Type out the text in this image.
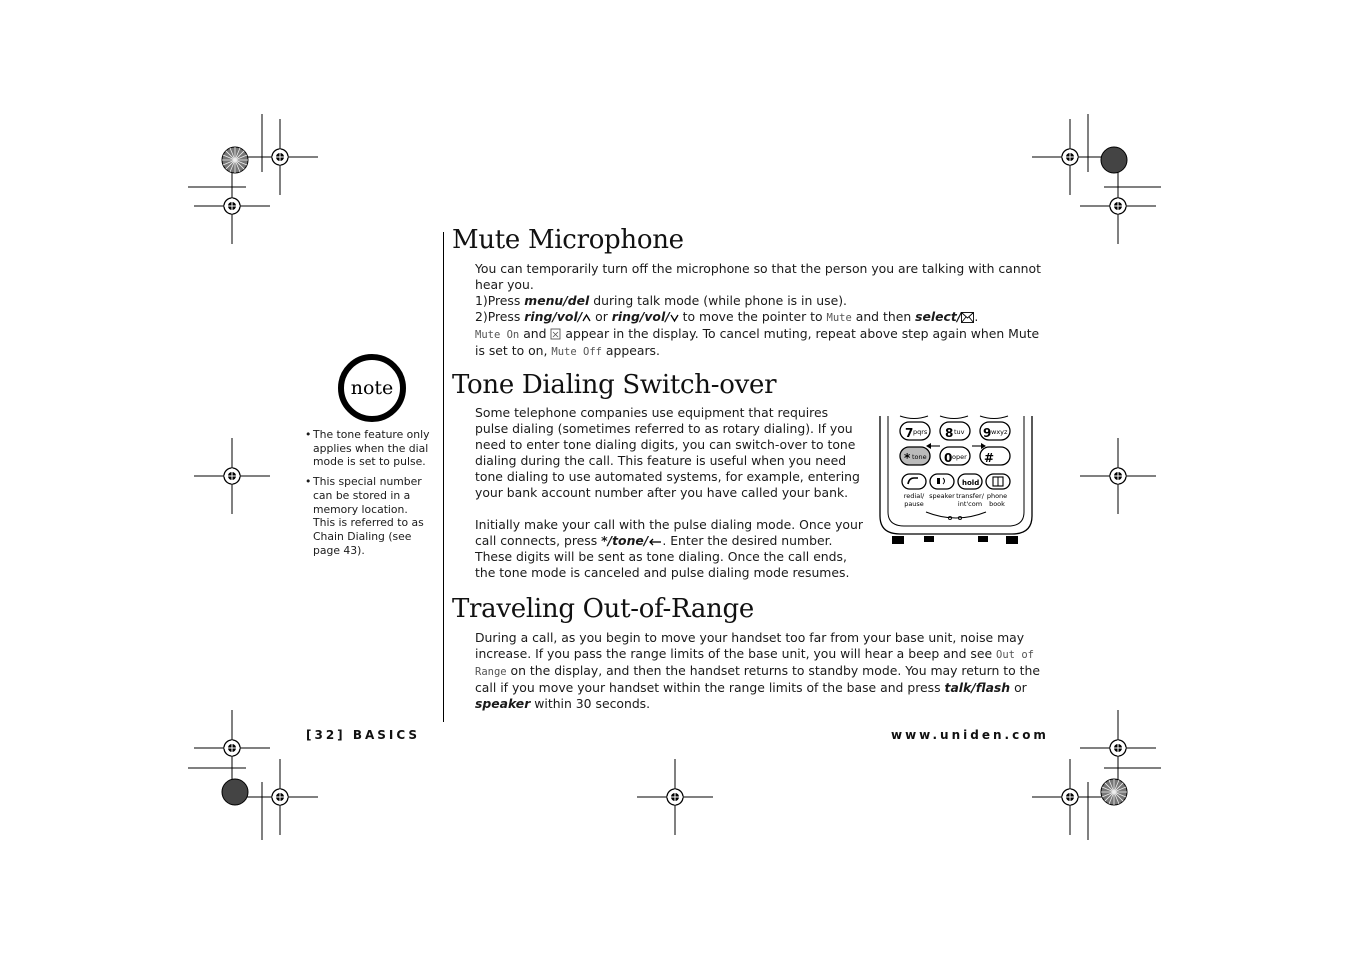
note
• The tone feature only applies when the dial mode is set to pulse.
• This special number can be stored in a memory location. This is referred to as Chain Dialing (see page 43).
Mute Microphone
You can temporarily turn off the microphone so that the person you are talking with cannot hear you.
1)Press menu/del during talk mode (while phone is in use).
2)Press ring/vol/ or ring/vol/ to move the pointer to Mute and then select/ .
Mute On and  appear in the display. To cancel muting, repeat above step again when Mute is set to on, Mute Off appears.
Tone Dialing Switch-over
Some telephone companies use equipment that requires pulse dialing (sometimes referred to as rotary dialing). If you need to enter tone dialing digits, you can switch-over to tone dialing during the call. This feature is useful when you need tone dialing to use automated systems, for example, entering your bank account number after you have called your bank.
Initially make your call with the pulse dialing mode. Once your call connects, press */tone/ . Enter the desired number. These digits will be sent as tone dialing. Once the call ends, the tone mode is canceled and pulse dialing mode resumes.
7 pqrs 8 tuv 9 wxyz
* tone 0 oper #
hold
redial/
pause
speaker transfer/
int'com
phone
book
Traveling Out-of-Range
During a call, as you begin to move your handset too far from your base unit, noise may increase. If you pass the range limits of the base unit, you will hear a beep and see Out of Range on the display, and then the handset returns to standby mode. You may return to the call if you move your handset within the range limits of the base and press talk/flash or speaker within 30 seconds.
[32] BASICS	www.uniden.com
